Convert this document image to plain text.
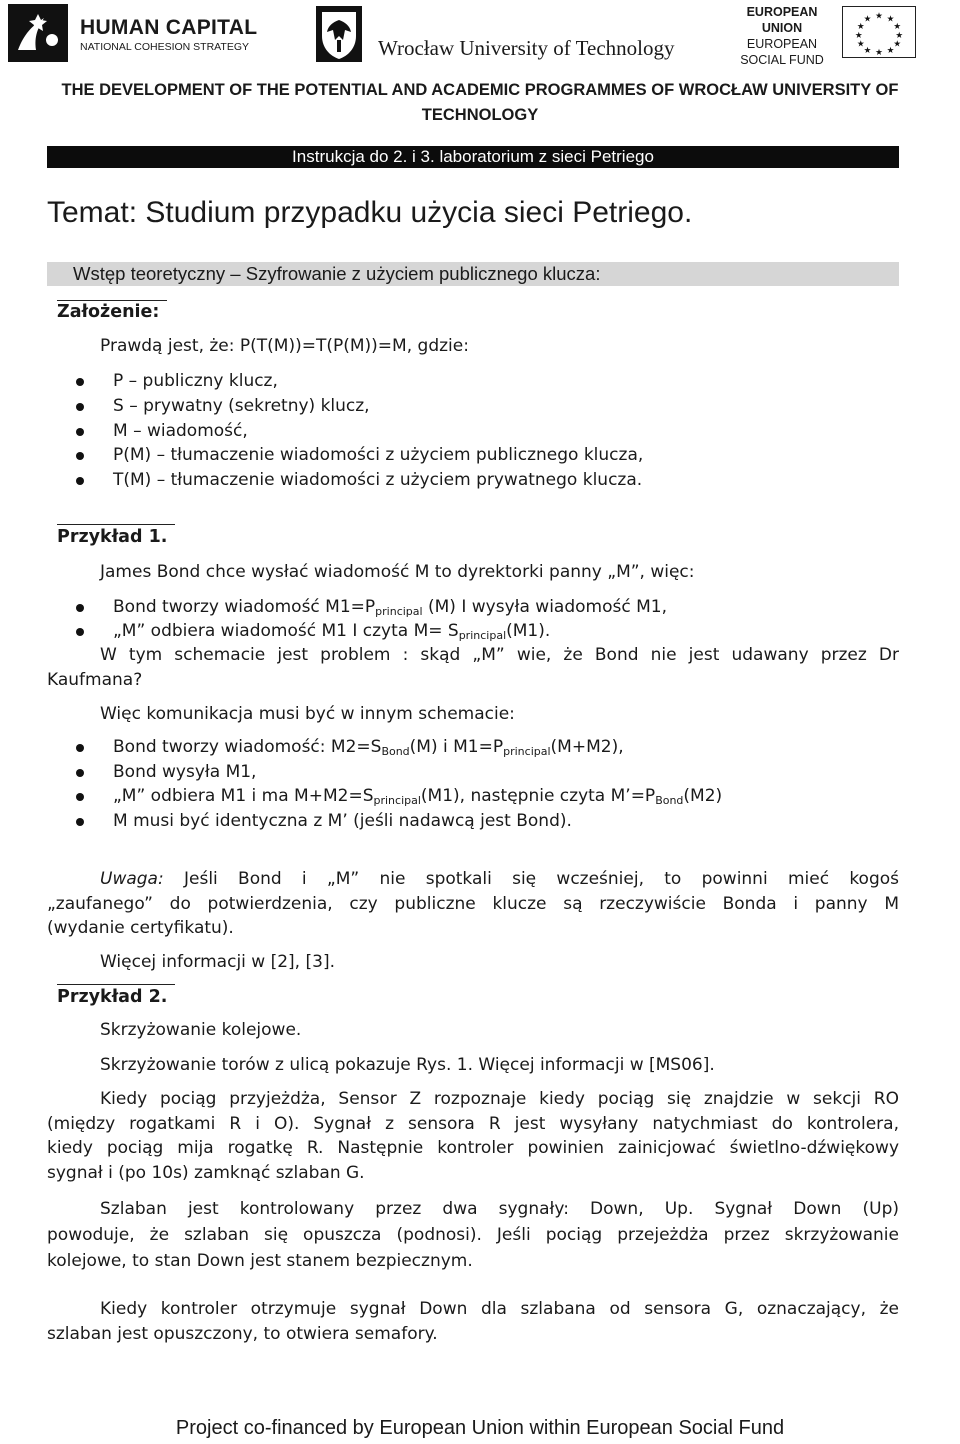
HUMAN CAPITAL
NATIONAL COHESION STRATEGY	Wrocław University of Technology
EUROPEAN
UNION
EUROPEAN
SOCIAL FUND
★ ★
★
★
★
★
★
★
★
★
★
★
THE DEVELOPMENT OF THE POTENTIAL AND ACADEMIC PROGRAMMES OF WROCŁAW UNIVERSITY OF
TECHNOLOGY
Instrukcja do 2. i 3. laboratorium z sieci Petriego
Temat: Studium przypadku użycia sieci Petriego.
Wstęp teoretyczny – Szyfrowanie z użyciem publicznego klucza:
Założenie:
Prawdą jest, że: P(T(M))=T(P(M))=M, gdzie:
P – publiczny klucz,
S – prywatny (sekretny) klucz,
M – wiadomość,
P(M) – tłumaczenie wiadomości z użyciem publicznego klucza,
T(M) – tłumaczenie wiadomości z użyciem prywatnego klucza.
Przykład 1.
James Bond chce wysłać wiadomość M to dyrektorki panny „M”, więc:
Bond tworzy wiadomość $M1=P_{principal}$ (M) I wysyła wiadomość M1,
„M” odbiera wiadomość M1 I czyta $M= S_{principal}(M1)$.
W tym schemacie jest problem : skąd „M” wie, że Bond nie jest udawany przez Dr
Kaufmana?
Więc komunikacja musi być w innym schemacie:
Bond tworzy wiadomość: $M2=S_{Bond}(M)$ i $M1=P_{principal}(M+M2)$,
Bond wysyła M1,
„M” odbiera M1 i ma $M+M2=S_{principal}(M1)$, następnie czyta $M’=P_{Bond}(M2)$
M musi być identyczna z M’ (jeśli nadawcą jest Bond).
Uwaga: Jeśli Bond i „M” nie spotkali się wcześniej, to powinni mieć kogoś
„zaufanego” do potwierdzenia, czy publiczne klucze są rzeczywiście Bonda i panny M
(wydanie certyfikatu).
Więcej informacji w [2], [3].
Przykład 2.
Skrzyżowanie kolejowe.
Skrzyżowanie torów z ulicą pokazuje Rys. 1. Więcej informacji w [MS06].
Kiedy pociąg przyjeżdża, Sensor Z rozpoznaje kiedy pociąg się znajdzie w sekcji RO
(między rogatkami R i O). Sygnał z sensora R jest wysyłany natychmiast do kontrolera,
kiedy pociąg mija rogatkę R. Następnie kontroler powinien zainicjować świetlno-dźwiękowy
sygnał i (po 10s) zamknąć szlaban G.
Szlaban jest kontrolowany przez dwa sygnały: Down, Up. Sygnał Down (Up)
powoduje, że szlaban się opuszcza (podnosi). Jeśli pociąg przejeżdża przez skrzyżowanie
kolejowe, to stan Down jest stanem bezpiecznym.
Kiedy kontroler otrzymuje sygnał Down dla szlabana od sensora G, oznaczający, że
szlaban jest opuszczony, to otwiera semafory.
Project co-financed by European Union within European Social Fund
